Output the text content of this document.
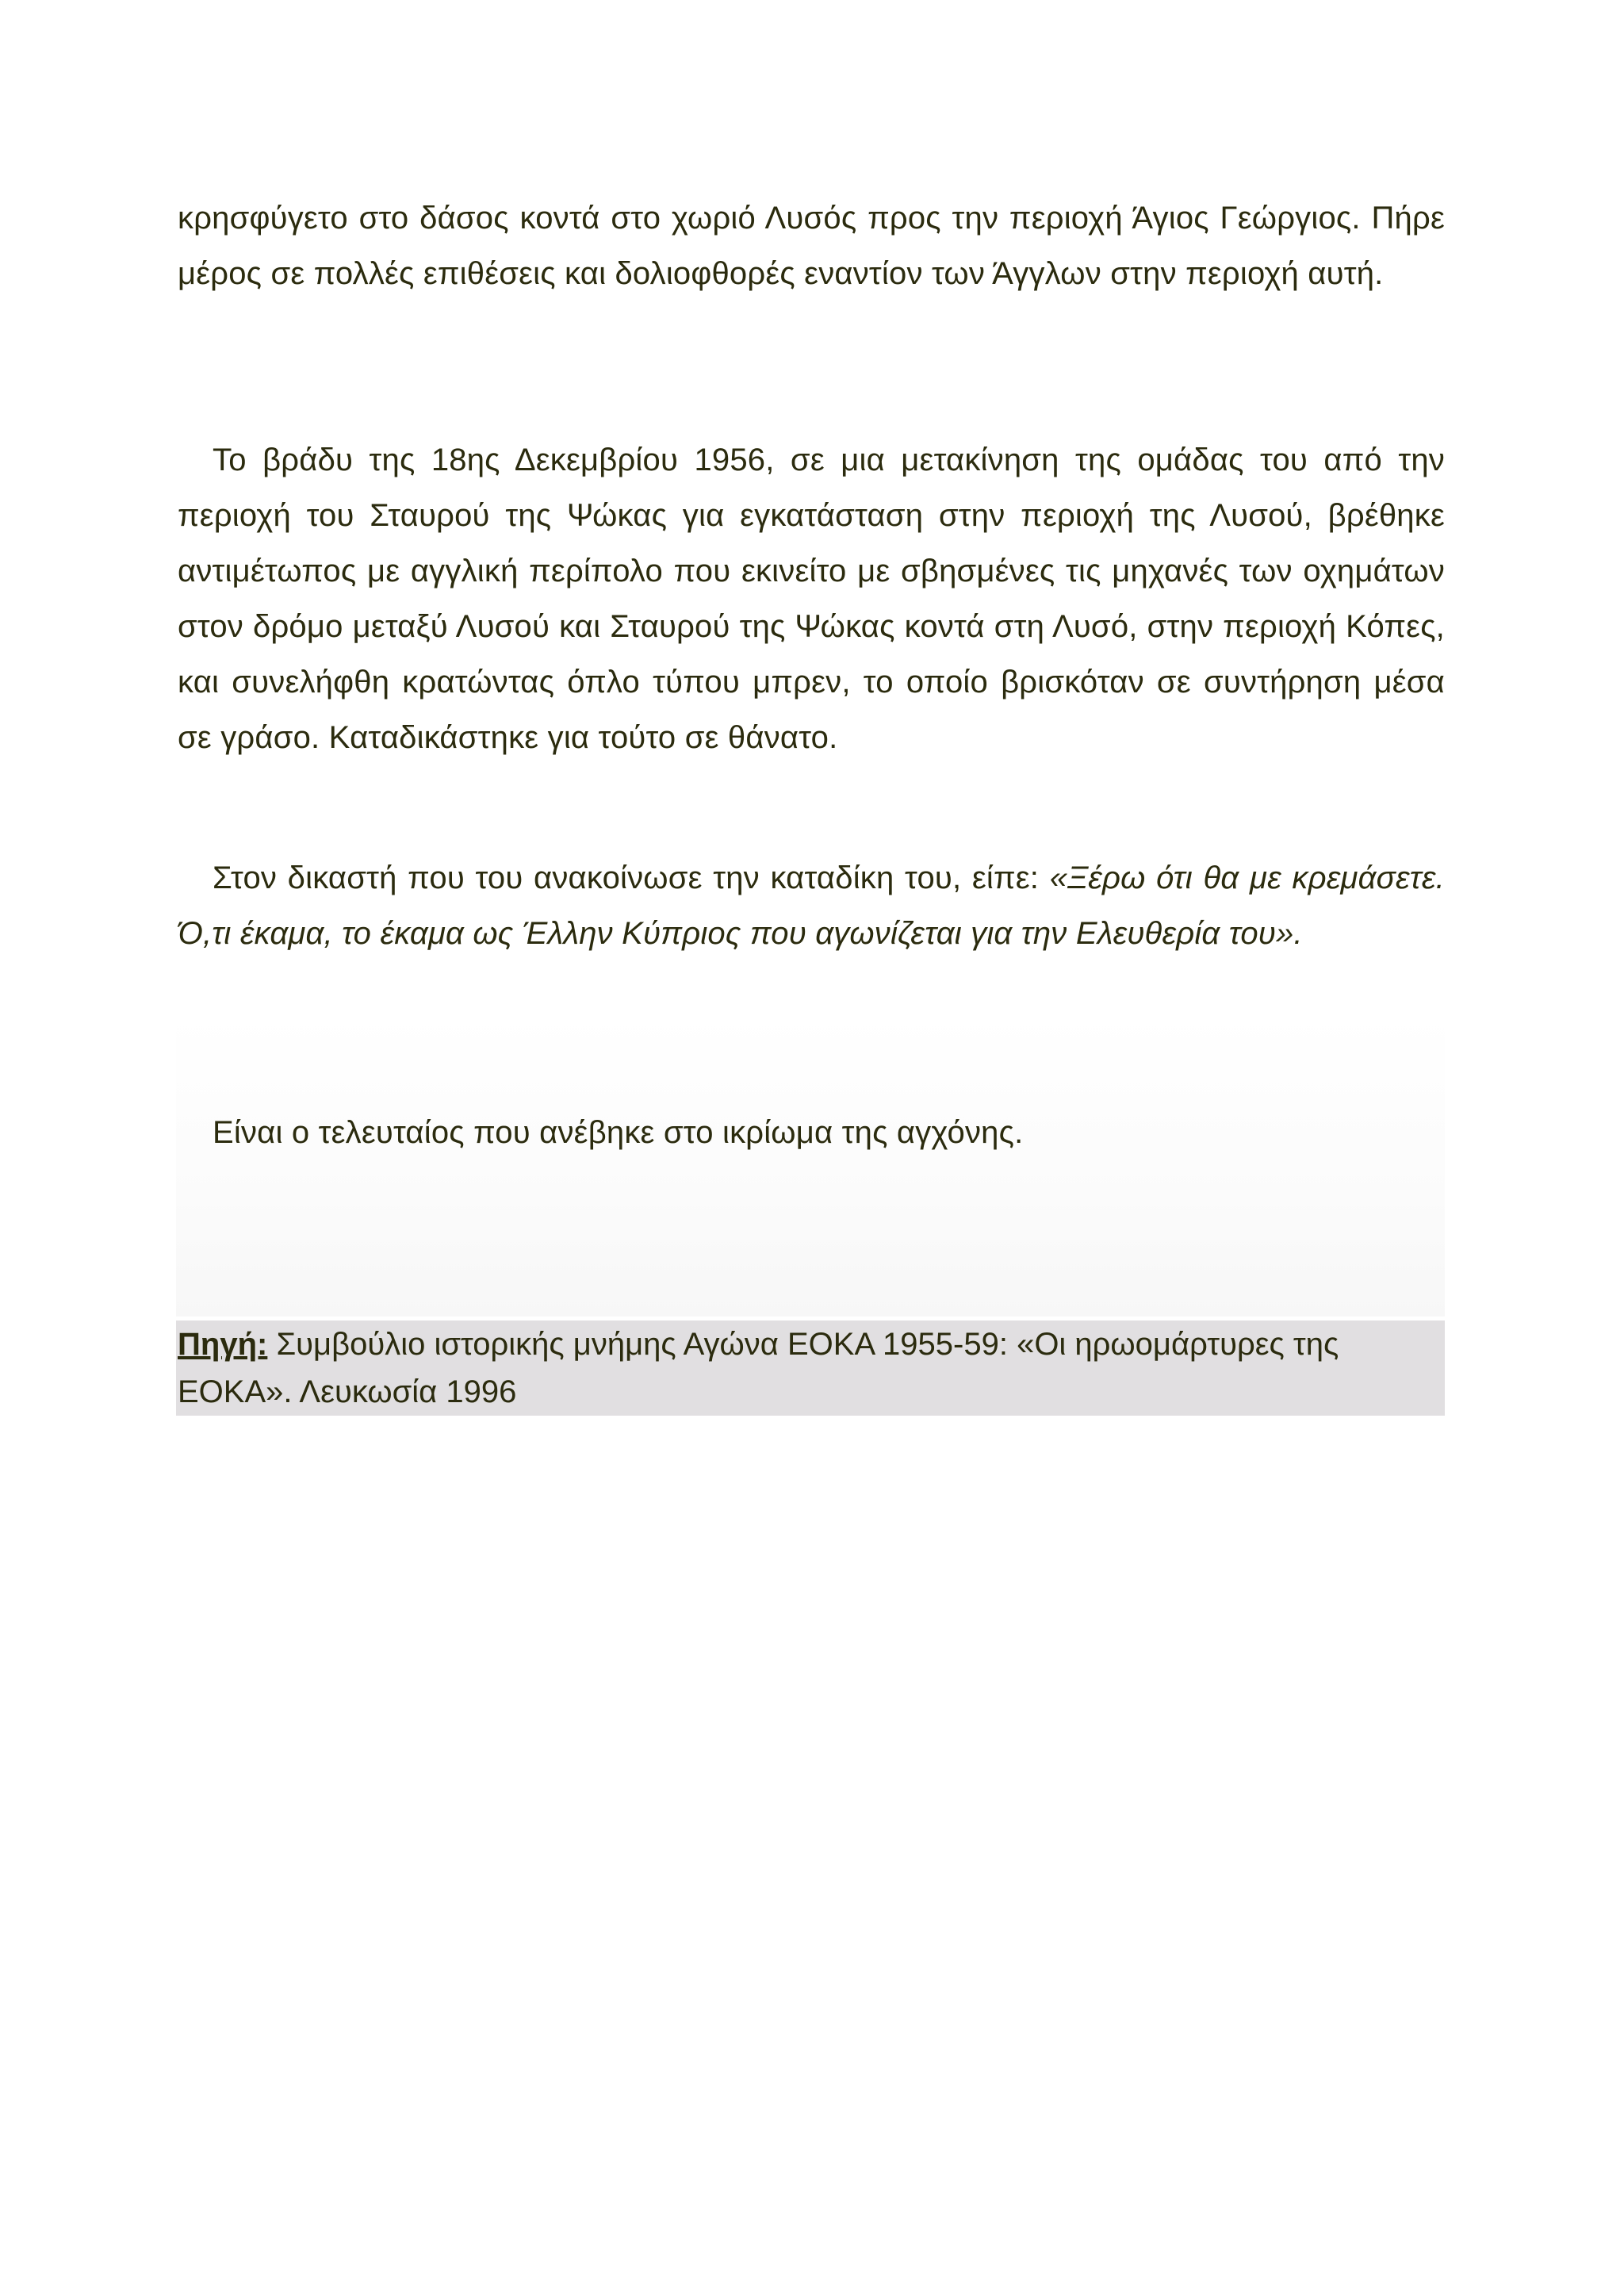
κρησφύγετο στο δάσος κοντά στο χωριό Λυσός προς την περιοχή Άγιος Γεώργιος. Πήρε μέρος σε πολλές επιθέσεις και δολιοφθορές εναντίον των Άγγλων στην περιοχή αυτή.
Το βράδυ της 18ης Δεκεμβρίου 1956, σε μια μετακίνηση της ομάδας του από την περιοχή του Σταυρού της Ψώκας για εγκατάσταση στην περιοχή της Λυσού, βρέθηκε αντιμέτωπος με αγγλική περίπολο που εκινείτο με σβησμένες τις μηχανές των οχημάτων στον δρόμο μεταξύ Λυσού και Σταυρού της Ψώκας κοντά στη Λυσό, στην περιοχή Κόπες, και συνελήφθη κρατώντας όπλο τύπου μπρεν, το οποίο βρισκόταν σε συντήρηση μέσα σε γράσο. Καταδικάστηκε για τούτο σε θάνατο.
Στον δικαστή που του ανακοίνωσε την καταδίκη του, είπε: «Ξέρω ότι θα με κρεμάσετε. Ό,τι έκαμα, το έκαμα ως Έλλην Κύπριος που αγωνίζεται για την Ελευθερία του».
Είναι ο τελευταίος που ανέβηκε στο ικρίωμα της αγχόνης.
Πηγή: Συμβούλιο ιστορικής μνήμης Αγώνα ΕΟΚΑ 1955-59: «Οι ηρωομάρτυρες της ΕΟΚΑ». Λευκωσία 1996
